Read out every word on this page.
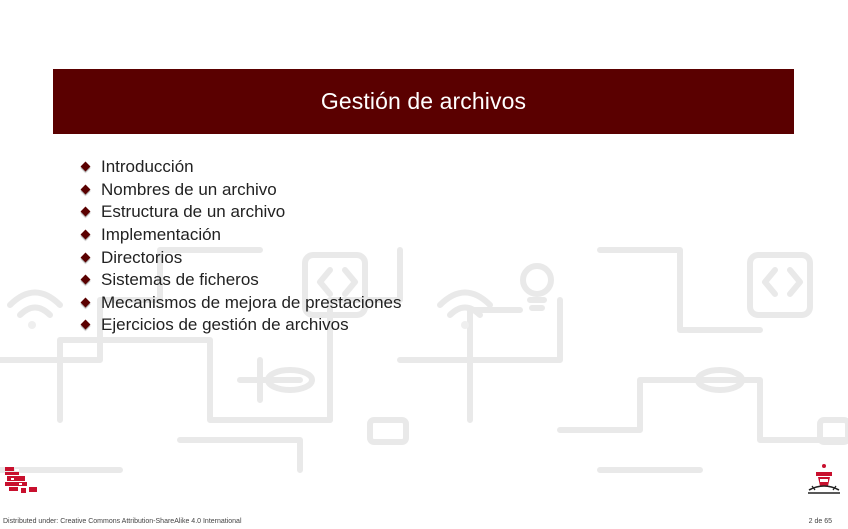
Gestión de archivos
Introducción
Nombres de un archivo
Estructura de un archivo
Implementación
Directorios
Sistemas de ficheros
Mecanismos de mejora de prestaciones
Ejercicios de gestión de archivos
Distributed under: Creative Commons Attribution-ShareAlike 4.0 International	2 de 65
